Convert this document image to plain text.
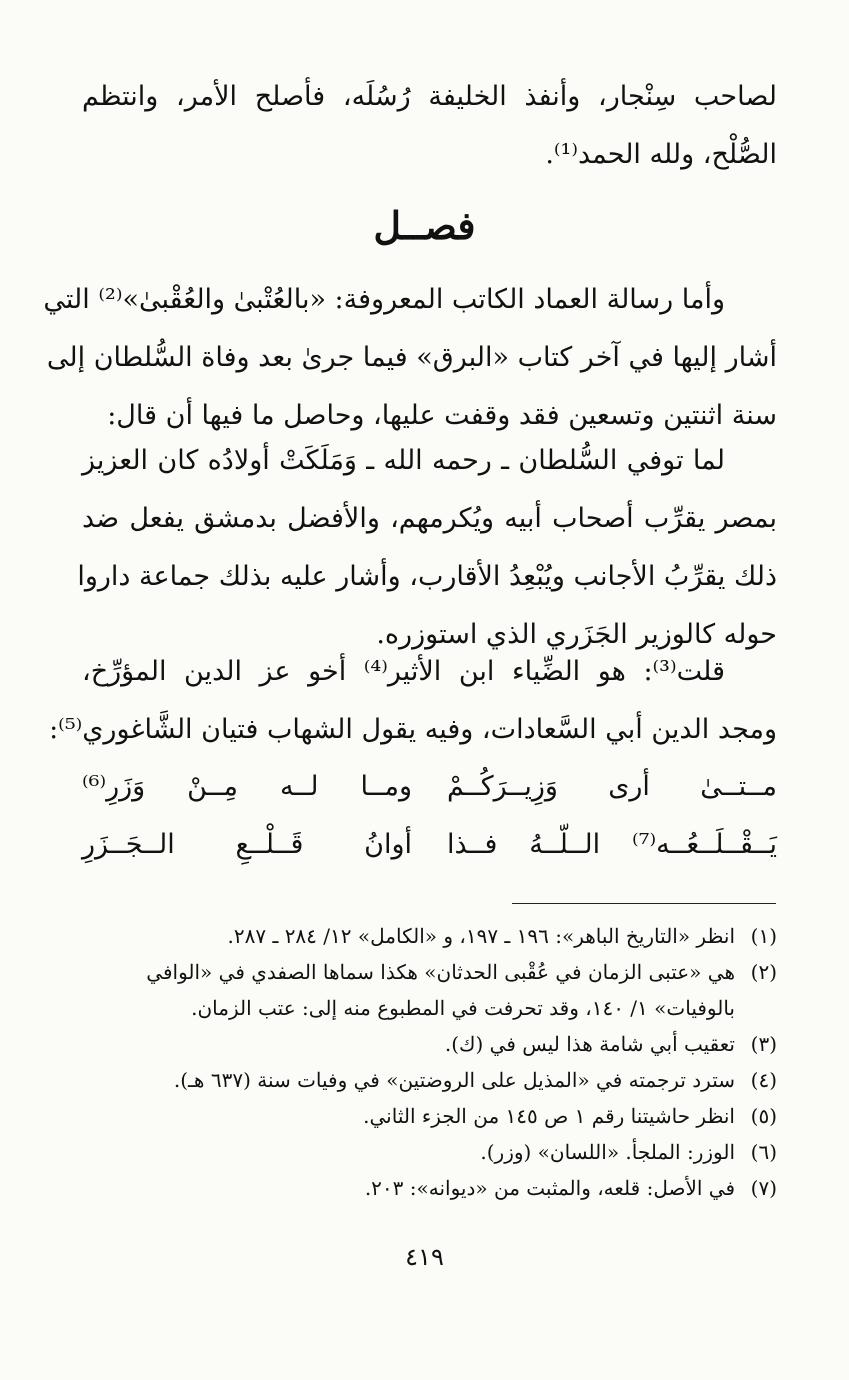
لصاحب سِنْجار، وأنفذ الخليفة رُسُلَه، فأصلح الأمر، وانتظم
الصُّلْح، ولله الحمد⁽¹⁾.
فصــل
وأما رسالة العماد الكاتب المعروفة: «بالعُتْبىٰ والعُقْبىٰ»⁽²⁾ التي
أشار إليها في آخر كتاب «البرق» فيما جرىٰ بعد وفاة السُّلطان إلى
سنة اثنتين وتسعين فقد وقفت عليها، وحاصل ما فيها أن قال:
لما توفي السُّلطان ـ رحمه الله ـ وَمَلَكَتْ أولادُه كان العزيز
بمصر يقرِّب أصحاب أبيه ويُكرمهم، والأفضل بدمشق يفعل ضد
ذلك يقرِّبُ الأجانب ويُبْعِدُ الأقارب، وأشار عليه بذلك جماعة داروا
حوله كالوزير الجَزَري الذي استوزره.
قلت⁽³⁾: هو الضِّياء ابن الأثير⁽⁴⁾ أخو عز الدين المؤرِّخ،
ومجد الدين أبي السَّعادات، وفيه يقول الشهاب فتيان الشَّاغوري⁽⁵⁾:
مــتــىٰ أرى وَزِيــرَكُــمْ
ومــا لــه مِــنْ وَزَرِ⁽⁶⁾
يَــقْــلَــعُــه⁽⁷⁾ الــلّــهُ فــذا
أوانُ قَــلْــعِ الــجَــزَرِ
(١)انظر «التاريخ الباهر»: ١٩٦ ـ ١٩٧، و «الكامل» ١٢/ ٢٨٤ ـ ٢٨٧.
(٢)هي «عتبى الزمان في عُقْبى الحدثان» هكذا سماها الصفدي في «الوافي
بالوفيات» ١/ ١٤٠، وقد تحرفت في المطبوع منه إلى: عتب الزمان.
(٣)تعقيب أبي شامة هذا ليس في (ك).
(٤)سترد ترجمته في «المذيل على الروضتين» في وفيات سنة (٦٣٧ هـ).
(٥)انظر حاشيتنا رقم ١ ص ١٤٥ من الجزء الثاني.
(٦)الوزر: الملجأ. «اللسان» (وزر).
(٧)في الأصل: قلعه، والمثبت من «ديوانه»: ٢٠٣.
٤١٩
